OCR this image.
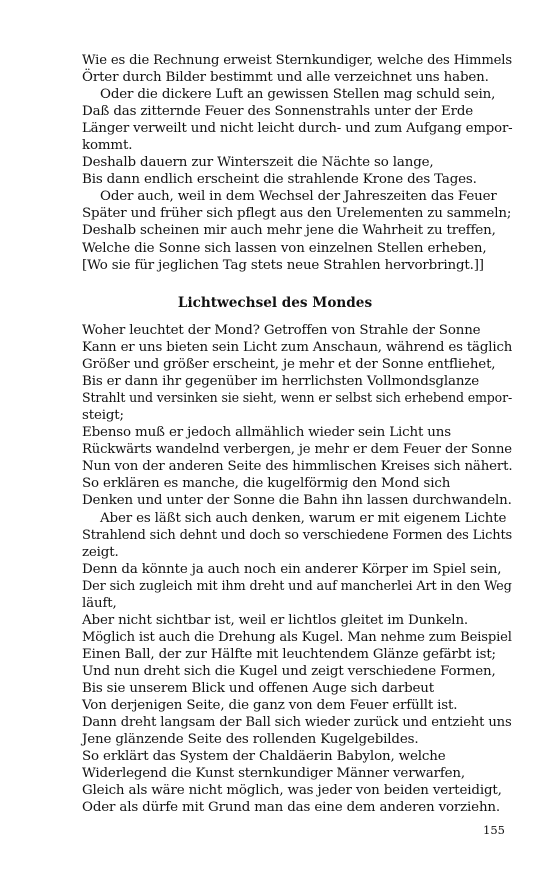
Wie es die Rechnung erweist Sternkundiger, welche des Himmels
Örter durch Bilder bestimmt und alle verzeichnet uns haben.
Oder die dickere Luft an gewissen Stellen mag schuld sein,
Daß das zitternde Feuer des Sonnenstrahls unter der Erde
Länger verweilt und nicht leicht durch- und zum Aufgang empor-
kommt.
Deshalb dauern zur Winterszeit die Nächte so lange,
Bis dann endlich erscheint die strahlende Krone des Tages.
Oder auch, weil in dem Wechsel der Jahreszeiten das Feuer
Später und früher sich pflegt aus den Urelementen zu sammeln;
Deshalb scheinen mir auch mehr jene die Wahrheit zu treffen,
Welche die Sonne sich lassen von einzelnen Stellen erheben,
[Wo sie für jeglichen Tag stets neue Strahlen hervorbringt.]]
Lichtwechsel des Mondes
Woher leuchtet der Mond? Getroffen von Strahle der Sonne
Kann er uns bieten sein Licht zum Anschaun, während es täglich
Größer und größer erscheint, je mehr et der Sonne entfliehet,
Bis er dann ihr gegenüber im herrlichsten Vollmondsglanze
Strahlt und versinken sie sieht, wenn er selbst sich erhebend empor-
steigt;
Ebenso muß er jedoch allmählich wieder sein Licht uns
Rückwärts wandelnd verbergen, je mehr er dem Feuer der Sonne
Nun von der anderen Seite des himmlischen Kreises sich nähert.
So erklären es manche, die kugelförmig den Mond sich
Denken und unter der Sonne die Bahn ihn lassen durchwandeln.
Aber es läßt sich auch denken, warum er mit eigenem Lichte
Strahlend sich dehnt und doch so verschiedene Formen des Lichts
zeigt.
Denn da könnte ja auch noch ein anderer Körper im Spiel sein,
Der sich zugleich mit ihm dreht und auf mancherlei Art in den Weg
läuft,
Aber nicht sichtbar ist, weil er lichtlos gleitet im Dunkeln.
Möglich ist auch die Drehung als Kugel. Man nehme zum Beispiel
Einen Ball, der zur Hälfte mit leuchtendem Glänze gefärbt ist;
Und nun dreht sich die Kugel und zeigt verschiedene Formen,
Bis sie unserem Blick und offenen Auge sich darbeut
Von derjenigen Seite, die ganz von dem Feuer erfüllt ist.
Dann dreht langsam der Ball sich wieder zurück und entzieht uns
Jene glänzende Seite des rollenden Kugelgebildes.
So erklärt das System der Chaldäerin Babylon, welche
Widerlegend die Kunst sternkundiger Männer verwarfen,
Gleich als wäre nicht möglich, was jeder von beiden verteidigt,
Oder als dürfe mit Grund man das eine dem anderen vorziehn.
155
